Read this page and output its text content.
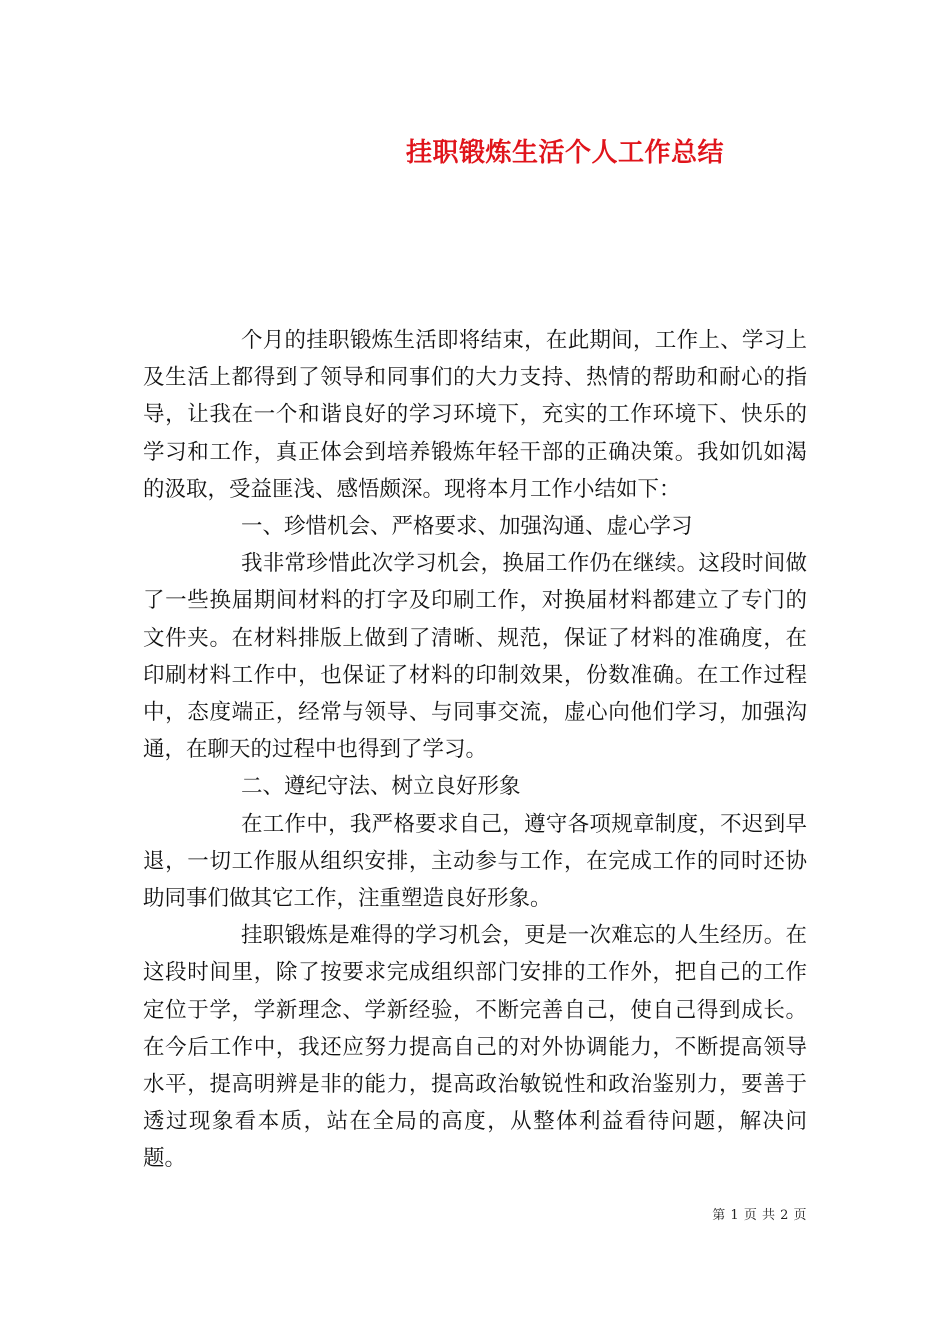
挂职锻炼生活个人工作总结

个月的挂职锻炼生活即将结束，在此期间，工作上、学习上及生活上都得到了领导和同事们的大力支持、热情的帮助和耐心的指导，让我在一个和谐良好的学习环境下，充实的工作环境下、快乐的学习和工作，真正体会到培养锻炼年轻干部的正确决策。我如饥如渴的汲取，受益匪浅、感悟颇深。现将本月工作小结如下：

一、珍惜机会、严格要求、加强沟通、虚心学习

我非常珍惜此次学习机会，换届工作仍在继续。这段时间做了一些换届期间材料的打字及印刷工作，对换届材料都建立了专门的文件夹。在材料排版上做到了清晰、规范，保证了材料的准确度，在印刷材料工作中，也保证了材料的印制效果，份数准确。在工作过程中，态度端正，经常与领导、与同事交流，虚心向他们学习，加强沟通，在聊天的过程中也得到了学习。

二、遵纪守法、树立良好形象

在工作中，我严格要求自己，遵守各项规章制度，不迟到早退，一切工作服从组织安排，主动参与工作，在完成工作的同时还协助同事们做其它工作，注重塑造良好形象。

挂职锻炼是难得的学习机会，更是一次难忘的人生经历。在这段时间里，除了按要求完成组织部门安排的工作外，把自己的工作定位于学，学新理念、学新经验，不断完善自己，使自己得到成长。在今后工作中，我还应努力提高自己的对外协调能力，不断提高领导水平，提高明辨是非的能力，提高政治敏锐性和政治鉴别力，要善于透过现象看本质，站在全局的高度，从整体利益看待问题，解决问题。

第 1 页 共 2 页
